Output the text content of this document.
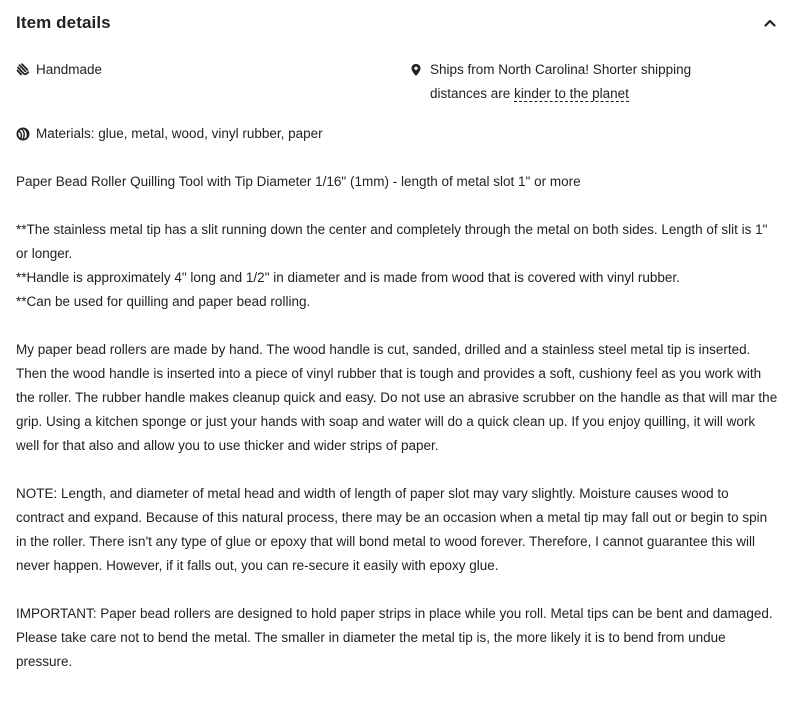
Item details
Handmade	Ships from North Carolina! Shorter shipping distances are kinder to the planet
Materials: glue, metal, wood, vinyl rubber, paper

Paper Bead Roller Quilling Tool with Tip Diameter 1/16" (1mm) - length of metal slot 1" or more

**The stainless metal tip has a slit running down the center and completely through the metal on both sides. Length of slit is 1" or longer.

**Handle is approximately 4" long and 1/2" in diameter and is made from wood that is covered with vinyl rubber.

**Can be used for quilling and paper bead rolling.

My paper bead rollers are made by hand. The wood handle is cut, sanded, drilled and a stainless steel metal tip is inserted. Then the wood handle is inserted into a piece of vinyl rubber that is tough and provides a soft, cushiony feel as you work with the roller. The rubber handle makes cleanup quick and easy. Do not use an abrasive scrubber on the handle as that will mar the grip. Using a kitchen sponge or just your hands with soap and water will do a quick clean up. If you enjoy quilling, it will work well for that also and allow you to use thicker and wider strips of paper.

NOTE: Length, and diameter of metal head and width of length of paper slot may vary slightly. Moisture causes wood to contract and expand. Because of this natural process, there may be an occasion when a metal tip may fall out or begin to spin in the roller. There isn't any type of glue or epoxy that will bond metal to wood forever. Therefore, I cannot guarantee this will never happen. However, if it falls out, you can re-secure it easily with epoxy glue.

IMPORTANT: Paper bead rollers are designed to hold paper strips in place while you roll. Metal tips can be bent and damaged. Please take care not to bend the metal. The smaller in diameter the metal tip is, the more likely it is to bend from undue pressure.
